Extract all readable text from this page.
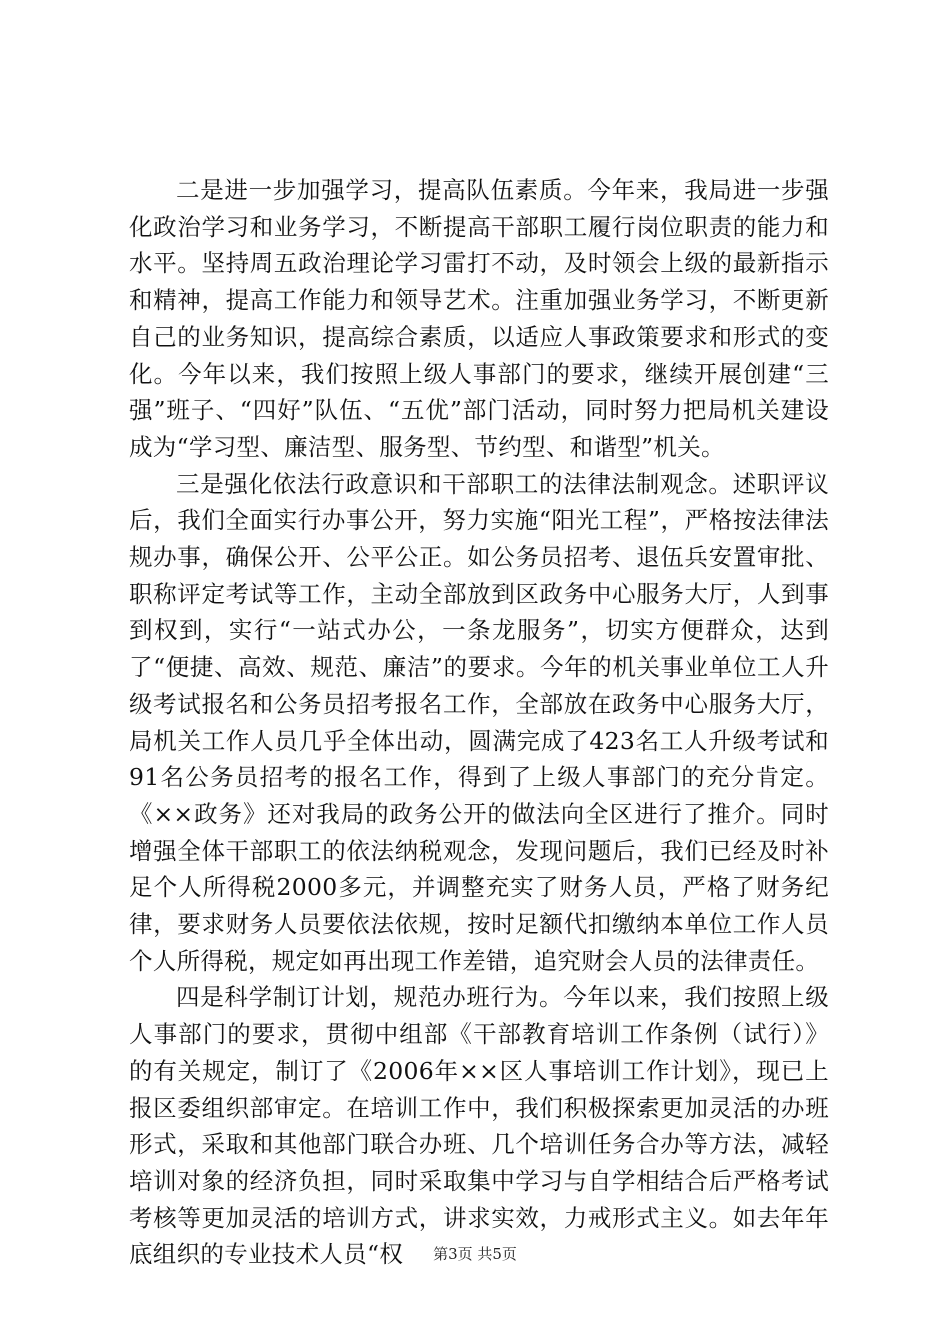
二是进一步加强学习，提高队伍素质。今年来，我局进一步强化政治学习和业务学习，不断提高干部职工履行岗位职责的能力和水平。坚持周五政治理论学习雷打不动，及时领会上级的最新指示和精神，提高工作能力和领导艺术。注重加强业务学习，不断更新自己的业务知识，提高综合素质，以适应人事政策要求和形式的变化。今年以来，我们按照上级人事部门的要求，继续开展创建“三强”班子、“四好”队伍、“五优”部门活动，同时努力把局机关建设成为“学习型、廉洁型、服务型、节约型、和谐型”机关。

三是强化依法行政意识和干部职工的法律法制观念。述职评议后，我们全面实行办事公开，努力实施“阳光工程”，严格按法律法规办事，确保公开、公平公正。如公务员招考、退伍兵安置审批、职称评定考试等工作，主动全部放到区政务中心服务大厅，人到事到权到，实行“一站式办公，一条龙服务”，切实方便群众，达到了“便捷、高效、规范、廉洁”的要求。今年的机关事业单位工人升级考试报名和公务员招考报名工作，全部放在政务中心服务大厅，局机关工作人员几乎全体出动，圆满完成了423名工人升级考试和91名公务员招考的报名工作，得到了上级人事部门的充分肯定。《××政务》还对我局的政务公开的做法向全区进行了推介。同时增强全体干部职工的依法纳税观念，发现问题后，我们已经及时补足个人所得税2000多元，并调整充实了财务人员，严格了财务纪律，要求财务人员要依法依规，按时足额代扣缴纳本单位工作人员个人所得税，规定如再出现工作差错，追究财会人员的法律责任。

四是科学制订计划，规范办班行为。今年以来，我们按照上级人事部门的要求，贯彻中组部《干部教育培训工作条例（试行）》的有关规定，制订了《2006年××区人事培训工作计划》，现已上报区委组织部审定。在培训工作中，我们积极探索更加灵活的办班形式，采取和其他部门联合办班、几个培训任务合办等方法，减轻培训对象的经济负担，同时采取集中学习与自学相结合后严格考试考核等更加灵活的培训方式，讲求实效，力戒形式主义。如去年年底组织的专业技术人员“权	第3页 共5页
